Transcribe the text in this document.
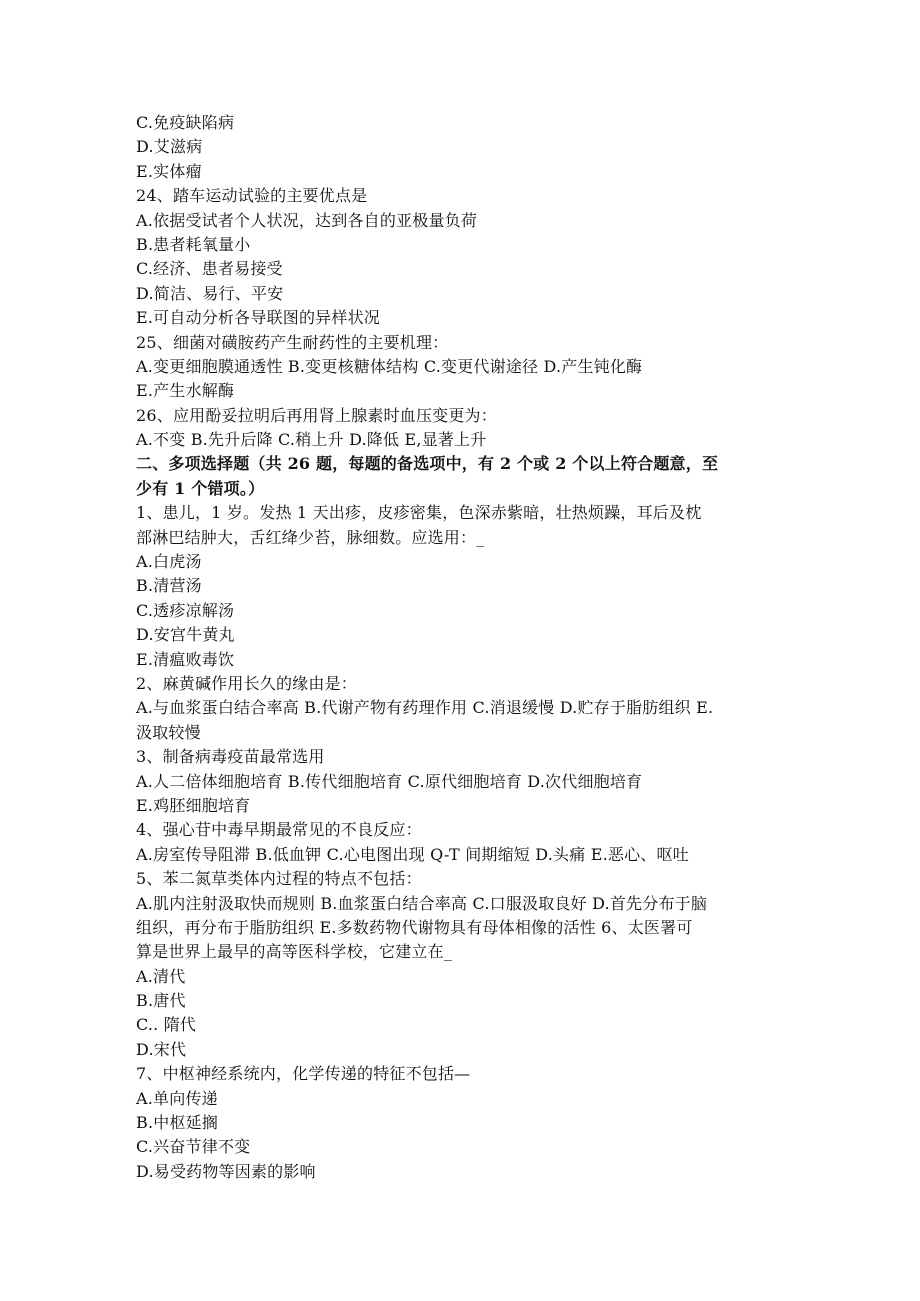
C.免疫缺陷病
D.艾滋病
E.实体瘤
24、踏车运动试验的主要优点是
A.依据受试者个人状况，达到各自的亚极量负荷
B.患者耗氧量小
C.经济、患者易接受
D.简洁、易行、平安
E.可自动分析各导联图的异样状况
25、细菌对磺胺药产生耐药性的主要机理：
A.变更细胞膜通透性 B.变更核糖体结构 C.变更代谢途径 D.产生钝化酶
E.产生水解酶
26、应用酚妥拉明后再用肾上腺素时血压变更为：
A.不变 B.先升后降 C.稍上升 D.降低 E,显著上升
二、多项选择题（共 26 题，每题的备选项中，有 2 个或 2 个以上符合题意，至
少有 1 个错项。）
1、患儿，1 岁。发热 1 天出疹，皮疹密集，色深赤紫暗，壮热烦躁，耳后及枕
部淋巴结肿大，舌红绛少苔，脉细数。应选用：_
A.白虎汤
B.清营汤
C.透疹凉解汤
D.安宫牛黄丸
E.清瘟败毒饮
2、麻黄碱作用长久的缘由是：
A.与血浆蛋白结合率高 B.代谢产物有药理作用 C.消退缓慢 D.贮存于脂肪组织 E.
汲取较慢
3、制备病毒疫苗最常选用
A.人二倍体细胞培育 B.传代细胞培育 C.原代细胞培育 D.次代细胞培育
E.鸡胚细胞培育
4、强心苷中毒早期最常见的不良反应：
A.房室传导阻滞 B.低血钾 C.心电图出现 Q-T 间期缩短 D.头痛 E.恶心、呕吐
5、苯二氮草类体内过程的特点不包括：
A.肌内注射汲取快而规则 B.血浆蛋白结合率高 C.口服汲取良好 D.首先分布于脑
组织，再分布于脂肪组织 E.多数药物代谢物具有母体相像的活性 6、太医署可
算是世界上最早的高等医科学校，它建立在_
A.清代
B.唐代
C.. 隋代
D.宋代
7、中枢神经系统内，化学传递的特征不包括—
A.单向传递
B.中枢延搁
C.兴奋节律不变
D.易受药物等因素的影响
